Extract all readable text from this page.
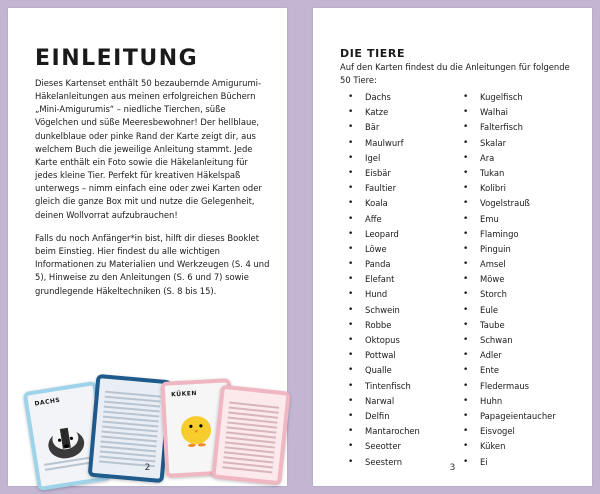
EINLEITUNG

Dieses Kartenset enthält 50 bezaubernde Amigurumi-Häkelanleitungen aus meinen erfolgreichen Büchern „Mini-Amigurumis“ – niedliche Tierchen, süße Vögelchen und süße Meeresbewohner! Der hellblaue, dunkelblaue oder pinke Rand der Karte zeigt dir, aus welchem Buch die jeweilige Anleitung stammt. Jede Karte enthält ein Foto sowie die Häkelanleitung für jedes kleine Tier. Perfekt für kreativen Häkelspaß unterwegs – nimm einfach eine oder zwei Karten oder gleich die ganze Box mit und nutze die Gelegenheit, deinen Wollvorrat aufzubrauchen!

Falls du noch Anfänger*in bist, hilft dir dieses Booklet beim Einstieg. Hier findest du alle wichtigen Informationen zu Materialien und Werkzeugen (S. 4 und 5), Hinweise zu den Anleitungen (S. 6 und 7) sowie grundlegende Häkeltechniken (S. 8 bis 15).

DACHS
KÜKEN
2
DIE TIERE

Auf den Karten findest du die Anleitungen für folgende 50 Tiere:

• Dachs
• Katze
• Bär
• Maulwurf
• Igel
• Eisbär
• Faultier
• Koala
• Affe
• Leopard
• Löwe
• Panda
• Elefant
• Hund
• Schwein
• Robbe
• Oktopus
• Pottwal
• Qualle
• Tintenfisch
• Narwal
• Delfin
• Mantarochen
• Seeotter
• Seestern
• Kugelfisch
• Walhai
• Falterfisch
• Skalar
• Ara
• Tukan
• Kolibri
• Vogelstrauß
• Emu
• Flamingo
• Pinguin
• Amsel
• Möwe
• Storch
• Eule
• Taube
• Schwan
• Adler
• Ente
• Fledermaus
• Huhn
• Papageientaucher
• Eisvogel
• Küken
• Ei
3
